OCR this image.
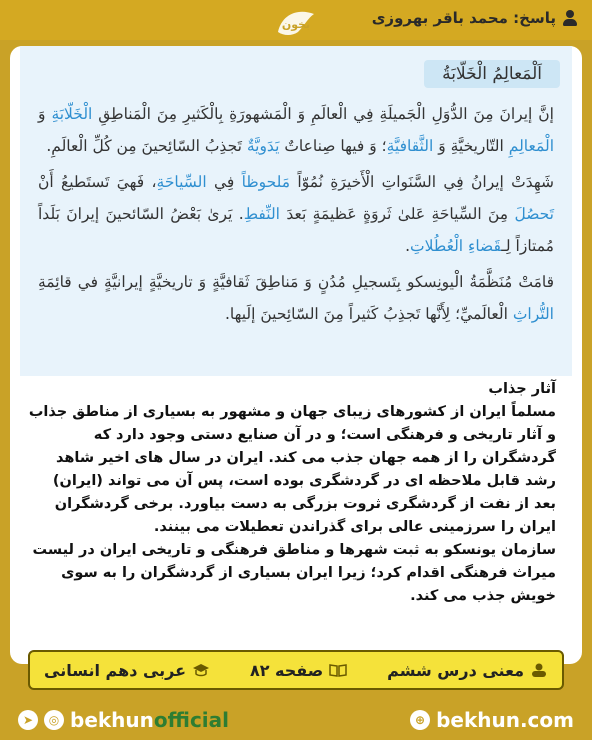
پاسخ: محمد باقر بهروزی
بخون
اَلْمَعالِمُ الْخَلّابَةُ

إنَّ إيرانَ مِنَ الدُّوَلِ الْجَميلَةِ فِي الْعالَمِ وَ الْمَشهورَةِ بِالْكَثيرِ مِنَ الْمَناطِقِ الْخَلّابَةِ وَ الْمَعالِمِ التّاريخيَّةِ وَ الثَّقافيَّةِ؛ وَ فيها صِناعاتٌ يَدَويَّةٌ تَجذِبُ السّائِحينَ مِن كُلِّ الْعالَمِ.

شَهِدَتْ إيرانُ فِي السَّنَواتِ الْأَخيرَةِ نُمُوّاً مَلحوظاً فِي السِّياحَةِ، فَهيَ تَستَطيعُ أَنْ تَحصُلَ مِنَ السِّياحَةِ عَلىٰ ثَروَةٍ عَظيمَةٍ بَعدَ النِّفطِ. يَرىٰ بَعْضُ السّائحينَ إيرانَ بَلَداً مُمتازاً لِـقَضاءِ الْعُطُلاتِ.

قامَتْ مُنَظَّمَةُ الْيونِسكو بِتَسجيلِ مُدُنٍ وَ مَناطِقَ ثَقافيَّةٍ وَ تاريخيَّةٍ إيرانيَّةٍ في قائِمَةِ التُّراثِ الْعالَميِّ؛ لِأَنَّها تَجذِبُ كَثيراً مِنَ السّائِحينَ إلَيها.

آثار جذاب

مسلماً ایران از کشورهای زیبای جهان و مشهور به بسیاری از مناطق جذاب و آثار تاریخی و فرهنگی است؛ و در آن صنایع دستی وجود دارد که گردشگران را از همه جهان جذب می کند. ایران در سال های اخیر شاهد رشد قابل ملاحظه ای در گردشگری بوده است، پس آن می تواند (ایران) بعد از نفت از گردشگری ثروت بزرگی به دست بیاورد. برخی گردشگران ایران را سرزمینی عالی برای گذراندن تعطیلات می بینند.

سازمان یونسکو به ثبت شهرها و مناطق فرهنگی و تاریخی ایران در لیست میراث فرهنگی اقدام کرد؛ زیرا ایران بسیاری از گردشگران را به سوی خویش جذب می کند.

معنی درس ششم
صفحه ۸۲
عربی دهم انسانی
➤	◎ bekhunofficial	⊕ bekhun.com
